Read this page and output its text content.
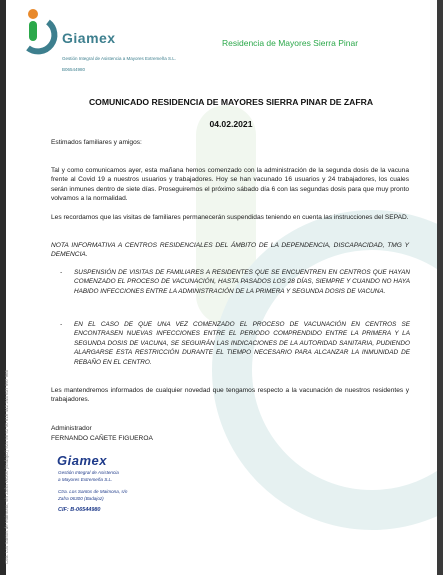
Giamex
Gestión Integral de Asistencia a Mayores Extremeña S.L.
B06544980
Residencia de Mayores Sierra Pinar
Ctra. Los Santos de Maimona, s/n Zafra 06300 (Badajoz) 924 56 52 00 616 442 244 637 997 965
COMUNICADO RESIDENCIA DE MAYORES SIERRA PINAR DE ZAFRA
04.02.2021
Estimados familiares y amigos:
Tal y como comunicamos ayer, esta mañana hemos comenzado con la administración de la segunda dosis de la vacuna frente al Covid 19 a nuestros usuarios y trabajadores. Hoy se han vacunado 16 usuarios y 24 trabajadores, los cuales serán inmunes dentro de siete días. Proseguiremos el próximo sábado día 6 con las segundas dosis para que muy pronto volvamos a la normalidad.
Les recordamos que las visitas de familiares permanecerán suspendidas teniendo en cuenta las instrucciones del SEPAD.
NOTA INFORMATIVA A CENTROS RESIDENCIALES DEL ÁMBITO DE LA DEPENDENCIA, DISCAPACIDAD, TMG Y DEMENCIA.
- SUSPENSIÓN DE VISITAS DE FAMILIARES A RESIDENTES QUE SE ENCUENTREN EN CENTROS QUE HAYAN COMENZADO EL PROCESO DE VACUNACIÓN, HASTA PASADOS LOS 28 DÍAS, SIEMPRE Y CUANDO NO HAYA HABIDO INFECCIONES ENTRE LA ADMINISTRACIÓN DE LA PRIMERA Y SEGUNDA DOSIS DE VACUNA.
- EN EL CASO DE QUE UNA VEZ COMENZADO EL PROCESO DE VACUNACIÓN EN CENTROS SE ENCONTRASEN NUEVAS INFECCIONES ENTRE EL PERIODO COMPRENDIDO ENTRE LA PRIMERA Y LA SEGUNDA DOSIS DE VACUNA, SE SEGUIRÁN LAS INDICACIONES DE LA AUTORIDAD SANITARIA, PUDIENDO ALARGARSE ESTA RESTRICCIÓN DURANTE EL TIEMPO NECESARIO PARA ALCANZAR LA INMUNIDAD DE REBAÑO EN EL CENTRO.
Les mantendremos informados de cualquier novedad que tengamos respecto a la vacunación de nuestros residentes y trabajadores.
Administrador
FERNANDO CAÑETE FIGUEROA
Giamex
Gestión Integral de Asistencia
a Mayores Extremeña S.L.
Ctra. Los Santos de Maimona, s/n
Zafra 06300 (Badajoz)
CIF: B-06544980
